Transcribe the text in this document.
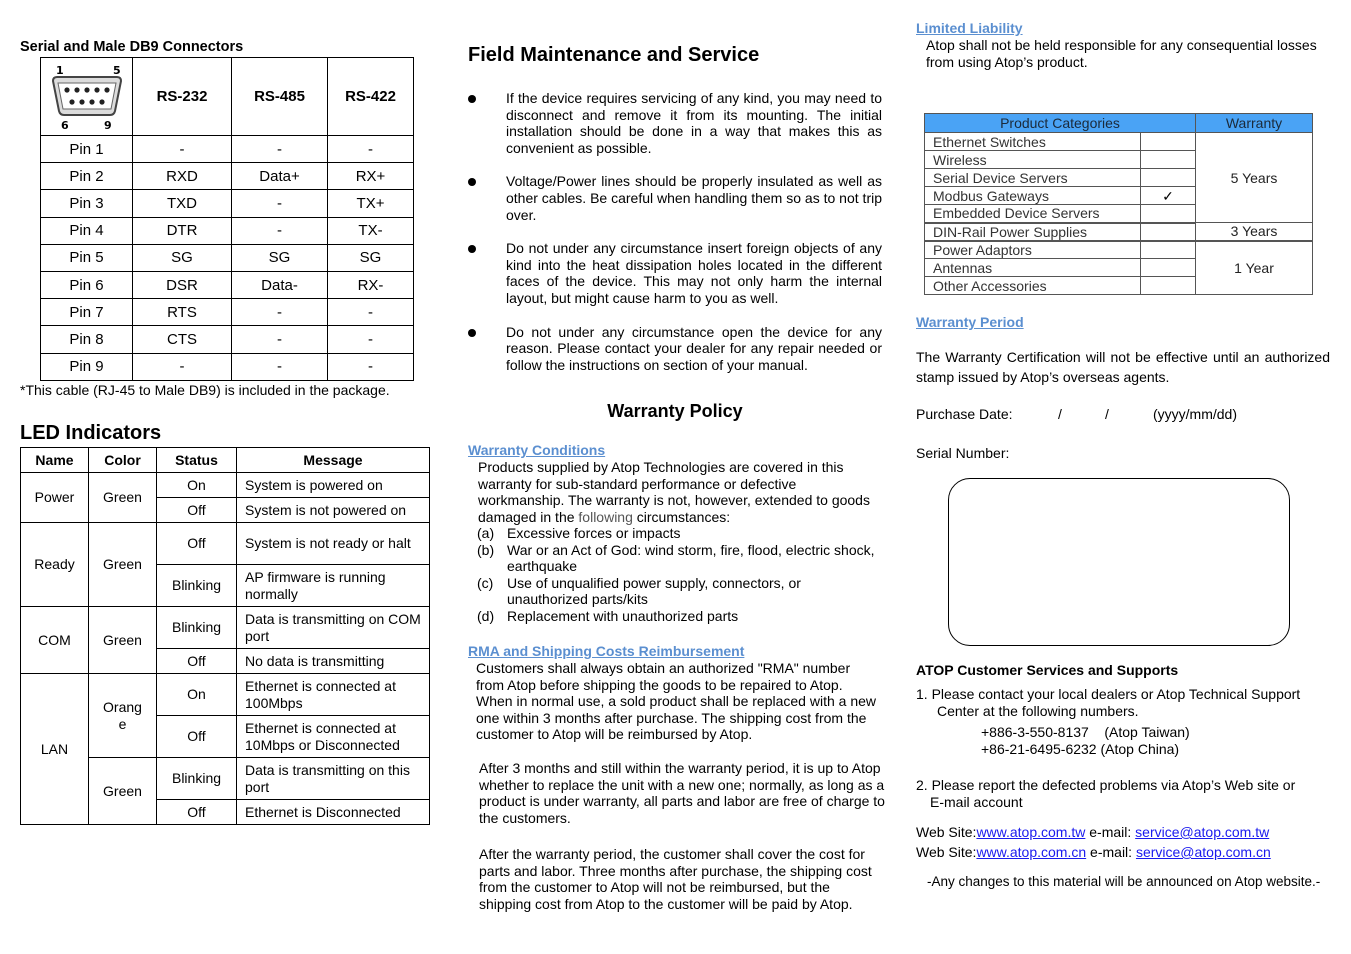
Serial and Male DB9 Connectors
1 5
6 9	RS-232	RS-485	RS-422
Pin 1	-	-	-
Pin 2	RXD	Data+	RX+
Pin 3	TXD	-	TX+
Pin 4	DTR	-	TX-
Pin 5	SG	SG	SG
Pin 6	DSR	Data-	RX-
Pin 7	RTS	-	-
Pin 8	CTS	-	-
Pin 9	-	-	-
*This cable (RJ-45 to Male DB9) is included in the package.
LED Indicators
Name	Color	Status	Message
Power	Green	On	System is powered on
		Off	System is not powered on
Ready	Green	Off	System is not ready or halt
		Blinking	AP firmware is running normally
COM	Green	Blinking	Data is transmitting on COM port
		Off	No data is transmitting
LAN	Orang e	On	Ethernet is connected at 100Mbps
		Off	Ethernet is connected at 10Mbps or Disconnected
	Green	Blinking	Data is transmitting on this port
		Off	Ethernet is Disconnected
Field Maintenance and Service
If the device requires servicing of any kind, you may need to disconnect and remove it from its mounting. The initial installation should be done in a way that makes this as convenient as possible.
Voltage/Power lines should be properly insulated as well as other cables. Be careful when handling them so as to not trip over.
Do not under any circumstance insert foreign objects of any kind into the heat dissipation holes located in the different faces of the device. This may not only harm the internal layout, but might cause harm to you as well.
Do not under any circumstance open the device for any reason. Please contact your dealer for any repair needed or follow the instructions on section of your manual.
Warranty Policy
Warranty Conditions
Products supplied by Atop Technologies are covered in this warranty for sub-standard performance or defective workmanship. The warranty is not, however, extended to goods damaged in the following circumstances:
(a) Excessive forces or impacts
(b) War or an Act of God: wind storm, fire, flood, electric shock, earthquake
(c) Use of unqualified power supply, connectors, or unauthorized parts/kits
(d) Replacement with unauthorized parts
RMA and Shipping Costs Reimbursement
Customers shall always obtain an authorized "RMA" number from Atop before shipping the goods to be repaired to Atop. When in normal use, a sold product shall be replaced with a new one within 3 months after purchase. The shipping cost from the customer to Atop will be reimbursed by Atop.
After 3 months and still within the warranty period, it is up to Atop whether to replace the unit with a new one; normally, as long as a product is under warranty, all parts and labor are free of charge to the customers.
After the warranty period, the customer shall cover the cost for parts and labor. Three months after purchase, the shipping cost from the customer to Atop will not be reimbursed, but the shipping cost from Atop to the customer will be paid by Atop.
Limited Liability
Atop shall not be held responsible for any consequential losses from using Atop’s product.
Product Categories		Warranty
Ethernet Switches		5 Years
Wireless		
Serial Device Servers		
Modbus Gateways	✓	
Embedded Device Servers		
DIN-Rail Power Supplies		3 Years
Power Adaptors		1 Year
Antennas		
Other Accessories		
Warranty Period
The Warranty Certification will not be effective until an authorized stamp issued by Atop’s overseas agents.
Purchase Date:	/	/	(yyyy/mm/dd)
Serial Number:
ATOP Customer Services and Supports
1. Please contact your local dealers or Atop Technical Support
Center at the following numbers.
+886-3-550-8137    (Atop Taiwan)
+86-21-6495-6232 (Atop China)
2. Please report the defected problems via Atop’s Web site or
E-mail account
Web Site:www.atop.com.tw e-mail: service@atop.com.tw
Web Site:www.atop.com.cn e-mail: service@atop.com.cn
-Any changes to this material will be announced on Atop website.-
